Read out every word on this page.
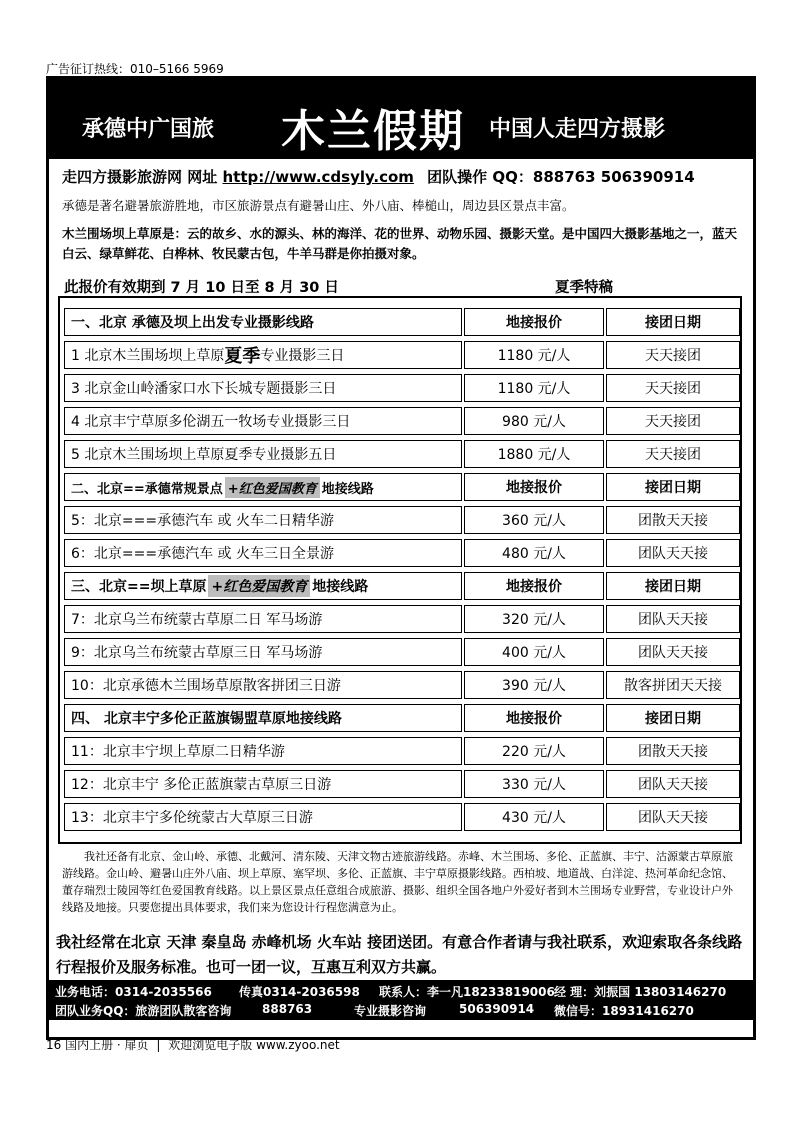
广告征订热线：010–5166 5969
承德中广国旅 木兰假期 中国人走四方摄影
走四方摄影旅游网 网址 http://www.cdsyly.com 团队操作 QQ：888763 506390914
承德是著名避暑旅游胜地，市区旅游景点有避暑山庄、外八庙、棒槌山，周边县区景点丰富。
木兰围场坝上草原是：云的故乡、水的源头、林的海洋、花的世界、动物乐园、摄影天堂。是中国四大摄影基地之一，蓝天白云、绿草鲜花、白桦林、牧民蒙古包，牛羊马群是你拍摄对象。
此报价有效期到 7 月 10 日至 8 月 30 日	夏季特稿
一、北京 承德及坝上出发专业摄影线路	地接报价	接团日期
1 北京木兰围场坝上草原 夏季 专业摄影三日	1180 元/人	天天接团
3 北京金山岭潘家口水下长城专题摄影三日	1180 元/人	天天接团
4 北京丰宁草原多伦湖五一牧场专业摄影三日	980 元/人	天天接团
5 北京木兰围场坝上草原夏季专业摄影五日	1880 元/人	天天接团
二、北京==承德常规景点 +红色爱国教育 地接线路	地接报价	接团日期
5：北京===承德汽车 或 火车二日精华游	360 元/人	团散天天接
6：北京===承德汽车 或 火车三日全景游	480 元/人	团队天天接
三、北京==坝上草原 +红色爱国教育 地接线路	地接报价	接团日期
7：北京乌兰布统蒙古草原二日 军马场游	320 元/人	团队天天接
9：北京乌兰布统蒙古草原三日 军马场游	400 元/人	团队天天接
10：北京承德木兰围场草原散客拼团三日游	390 元/人	散客拼团天天接
四、 北京丰宁多伦正蓝旗锡盟草原地接线路	地接报价	接团日期
11：北京丰宁坝上草原二日精华游	220 元/人	团散天天接
12：北京丰宁 多伦正蓝旗蒙古草原三日游	330 元/人	团队天天接
13：北京丰宁多伦统蒙古大草原三日游	430 元/人	团队天天接
我社还备有北京、金山岭、承德、北戴河、清东陵、天津文物古迹旅游线路。赤峰、木兰围场、多伦、正蓝旗、丰宁、沽源蒙古草原旅游线路。金山岭、避暑山庄外八庙、坝上草原、塞罕坝、多伦、正蓝旗、丰宁草原摄影线路。西柏坡、地道战、白洋淀、热河革命纪念馆、董存瑞烈士陵园等红色爱国教育线路。以上景区景点任意组合成旅游、摄影、组织全国各地户外爱好者到木兰围场专业野营，专业设计户外线路及地接。只要您提出具体要求，我们来为您设计行程您满意为止。
我社经常在北京 天津 秦皇岛 赤峰机场 火车站 接团送团。有意合作者请与我社联系，欢迎索取各条线路行程报价及服务标准。也可一团一议，互惠互利双方共赢。
业务电话：0314-2035566 传真0314-2036598 联系人：李一凡18233819006 经 理：刘振国 13803146270
团队业务QQ：旅游团队散客咨询	888763	专业摄影咨询	506390914 微信号：18931416270
16 国内上册 · 扉页 | 欢迎浏览电子版 www.zyoo.net
